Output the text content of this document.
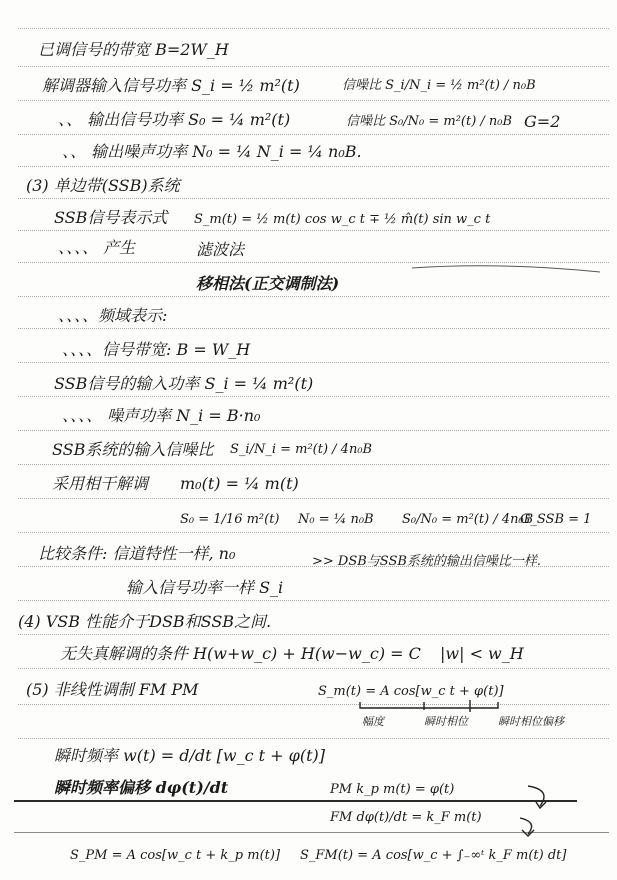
已调信号的带宽 B=2W_H
解调器输入信号功率 S_i = ½ m²(t)	信噪比 S_i/N_i = ½ m²(t) / n₀B
、、 输出信号功率 S₀ = ¼ m²(t)	信噪比 S₀/N₀ = m²(t) / n₀B G=2
、、 输出噪声功率 N₀ = ¼ N_i = ¼ n₀B.
(3) 单边带(SSB)系统
SSB信号表示式 S_m(t) = ½ m(t) cos w_c t ∓ ½ m̂(t) sin w_c t
、、、、 产生	滤波法
移相法(正交调制法)
、、、、频域表示:
、、、、信号带宽: B = W_H
SSB信号的输入功率 S_i = ¼ m²(t)
、、、、 噪声功率 N_i = B·n₀
SSB系统的输入信噪比 S_i/N_i = m²(t) / 4n₀B
采用相干解调 m₀(t) = ¼ m(t)
S₀ = 1/16 m²(t) N₀ = ¼ n₀B S₀/N₀ = m²(t) / 4n₀B
G_SSB = 1
比较条件: 信道特性一样, n₀	>> DSB与SSB系统的输出信噪比一样.
输入信号功率一样 S_i
(4) VSB 性能介于DSB和SSB之间.
无失真解调的条件 H(w+w_c) + H(w−w_c) = C |w| < w_H
(5) 非线性调制 FM PM	S_m(t) = A cos[w_c t + φ(t)]
幅度	瞬时相位	瞬时相位偏移
瞬时频率 w(t) = d/dt [w_c t + φ(t)]
瞬时频率偏移 dφ(t)/dt	PM k_p m(t) = φ(t)
FM dφ(t)/dt = k_F m(t)
S_PM = A cos[w_c t + k_p m(t)] S_FM(t) = A cos[w_c + ∫₋∞ᵗ k_F m(t) dt]
